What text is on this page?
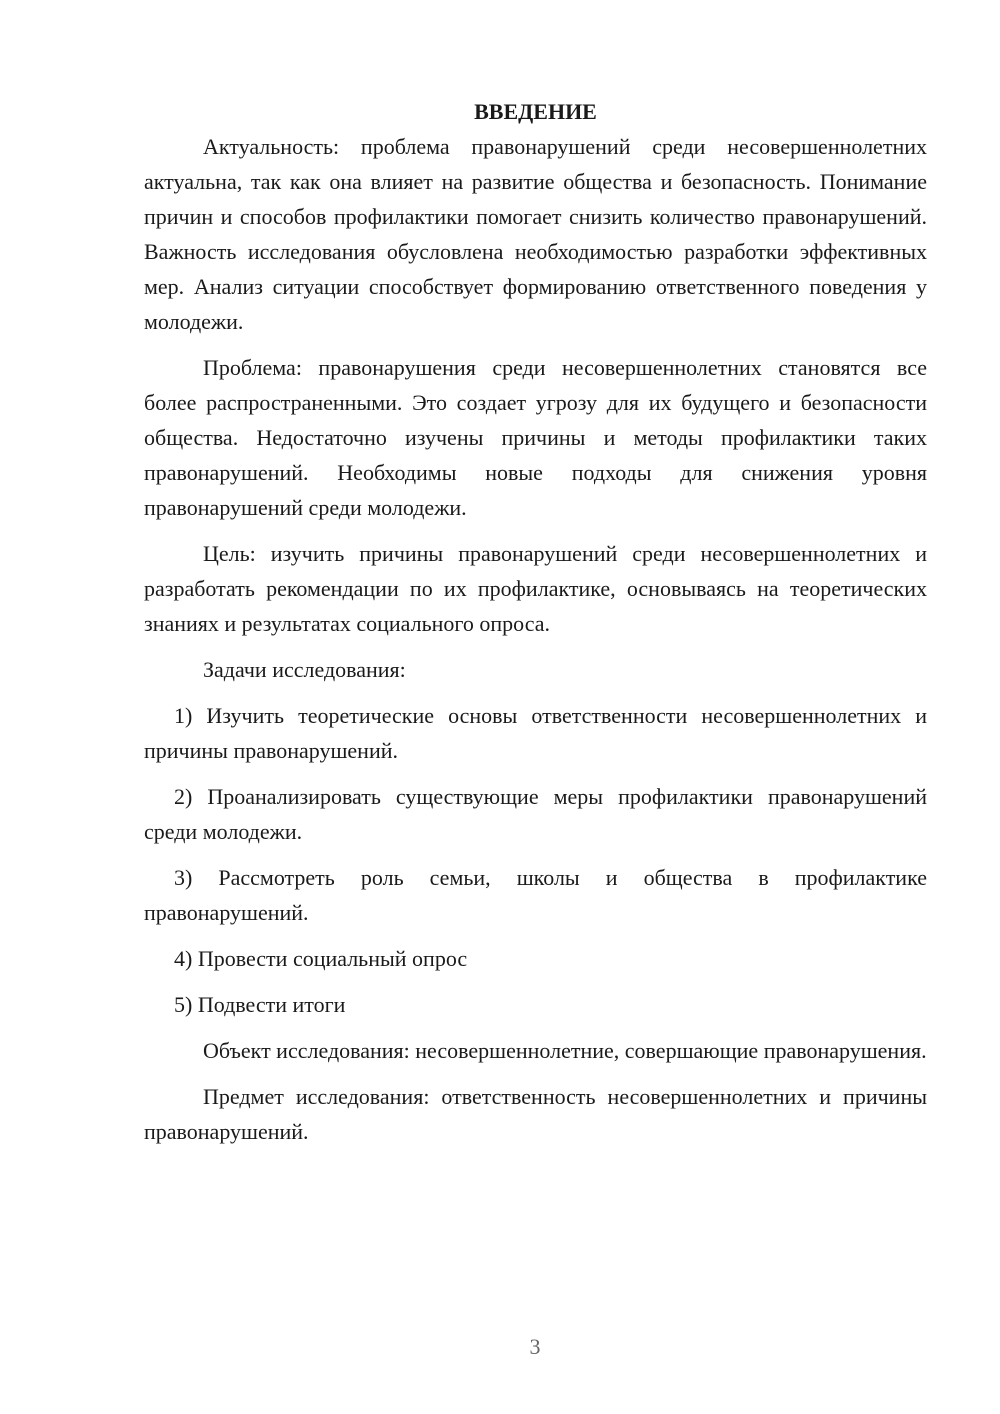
ВВЕДЕНИЕ

Актуальность: проблема правонарушений среди несовершеннолетних актуальна, так как она влияет на развитие общества и безопасность. Понимание причин и способов профилактики помогает снизить количество правонарушений. Важность исследования обусловлена необходимостью разработки эффективных мер. Анализ ситуации способствует формированию ответственного поведения у молодежи.

Проблема: правонарушения среди несовершеннолетних становятся все более распространенными. Это создает угрозу для их будущего и безопасности общества. Недостаточно изучены причины и методы профилактики таких правонарушений. Необходимы новые подходы для снижения уровня правонарушений среди молодежи.

Цель: изучить причины правонарушений среди несовершеннолетних и разработать рекомендации по их профилактике, основываясь на теоретических знаниях и результатах социального опроса.

Задачи исследования:

1) Изучить теоретические основы ответственности несовершеннолетних и причины правонарушений.

2) Проанализировать существующие меры профилактики правонарушений среди молодежи.

3) Рассмотреть роль семьи, школы и общества в профилактике правонарушений.

4) Провести социальный опрос

5) Подвести итоги

Объект исследования: несовершеннолетние, совершающие правонарушения.

Предмет исследования: ответственность несовершеннолетних и причины правонарушений.

3
